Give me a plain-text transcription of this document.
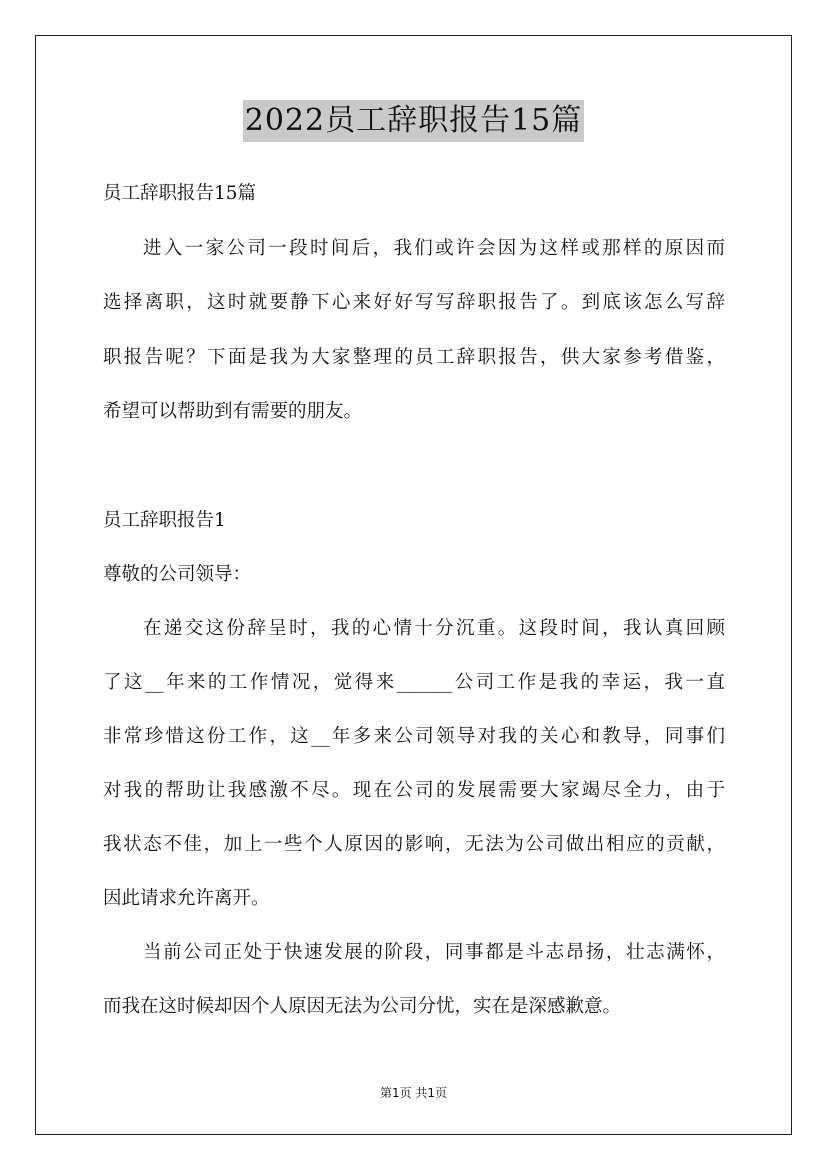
2022员工辞职报告15篇
员工辞职报告15篇
进入一家公司一段时间后，我们或许会因为这样或那样的原因而
选择离职，这时就要静下心来好好写写辞职报告了。到底该怎么写辞
职报告呢？下面是我为大家整理的员工辞职报告，供大家参考借鉴，
希望可以帮助到有需要的朋友。
员工辞职报告1
尊敬的公司领导：
在递交这份辞呈时，我的心情十分沉重。这段时间，我认真回顾
了这__年来的工作情况，觉得来______公司工作是我的幸运，我一直
非常珍惜这份工作，这__年多来公司领导对我的关心和教导，同事们
对我的帮助让我感激不尽。现在公司的发展需要大家竭尽全力，由于
我状态不佳，加上一些个人原因的影响，无法为公司做出相应的贡献，
因此请求允许离开。
当前公司正处于快速发展的阶段，同事都是斗志昂扬，壮志满怀，
而我在这时候却因个人原因无法为公司分忧，实在是深感歉意。
第1页 共1页
